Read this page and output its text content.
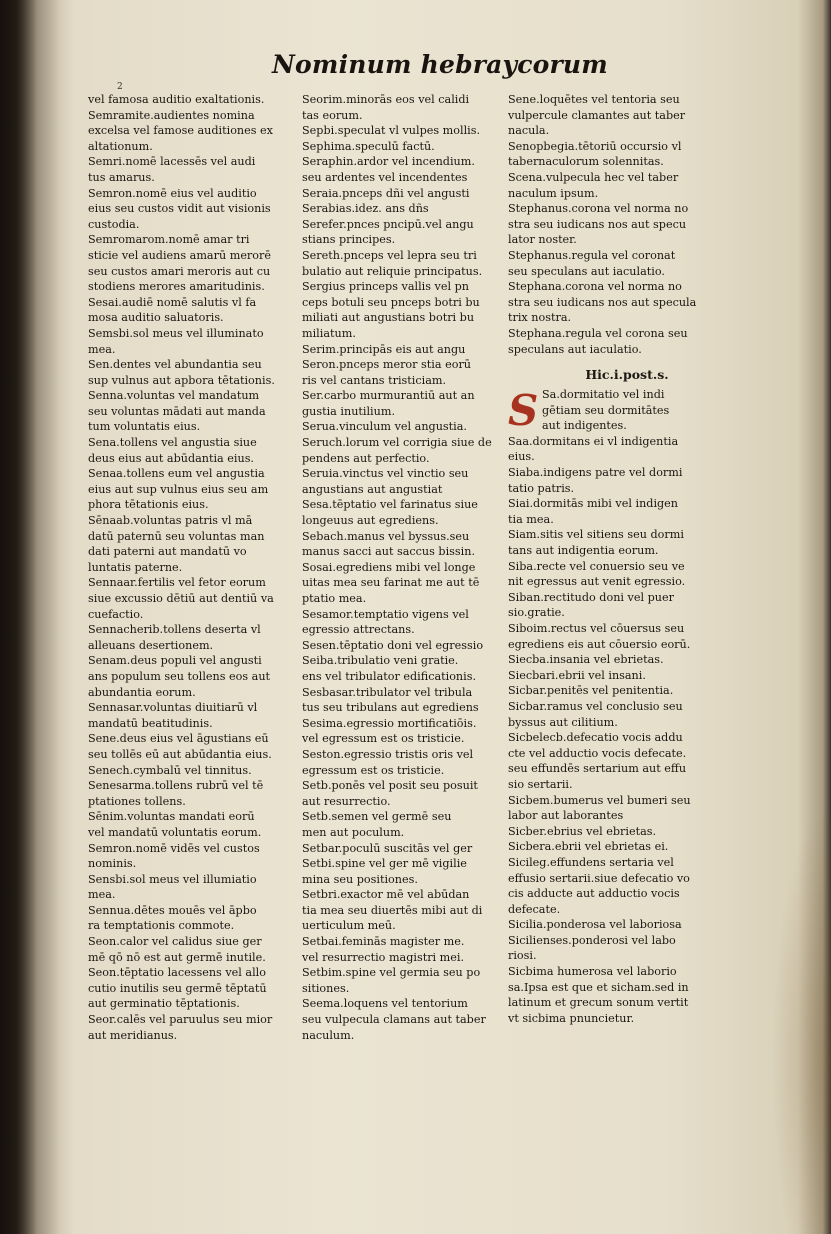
Nominum hebraycorum
2
vel famosa auditio exaltationis.
Semramite.audientes nomina
excelsa vel famose auditiones ex
altationum.
Semri.nomē lacessēs vel audi
tus amarus.
Semron.nomē eius vel auditio
eius seu custos vidit aut visionis
custodia.
Semromarom.nomē amar tri
sticie vel audiens amarū merorē
seu custos amari meroris aut cu
stodiens merores amaritudinis.
Sesai.audiē nomē salutis vl fa
mosa auditio saluatoris.
Semsbi.sol meus vel illuminato
mea.
Sen.dentes vel abundantia seu
sup vulnus aut apbora tētationis.
Senna.voluntas vel mandatum
seu voluntas mādati aut manda
tum voluntatis eius.
Sena.tollens vel angustia siue
deus eius aut abūdantia eius.
Senaa.tollens eum vel angustia
eius aut sup vulnus eius seu am
phora tētationis eius.
Sēnaab.voluntas patris vl mā
datū paternū seu voluntas man
dati paterni aut mandatū vo
luntatis paterne.
Sennaar.fertilis vel fetor eorum
siue excussio dētiū aut dentiū va
cuefactio.
Sennacherib.tollens deserta vl
alleuans desertionem.
Senam.deus populi vel angusti
ans populum seu tollens eos aut
abundantia eorum.
Sennasar.voluntas diuitiarū vl
mandatū beatitudinis.
Sene.deus eius vel āgustians eū
seu tollēs eū aut abūdantia eius.
Senech.cymbalū vel tinnitus.
Senesarma.tollens rubrū vel tē
ptationes tollens.
Sēnim.voluntas mandati eorū
vel mandatū voluntatis eorum.
Semron.nomē vidēs vel custos
nominis.
Sensbi.sol meus vel illumiatio
mea.
Sennua.dētes mouēs vel āpbo
ra temptationis commote.
Seon.calor vel calidus siue ger
mē qō nō est aut germē inutile.
Seon.tēptatio lacessens vel allo
cutio inutilis seu germē tēptatū
aut germinatio tēptationis.
Seor.calēs vel paruulus seu mior
aut meridianus.
Seorim.minorās eos vel calidi
tas eorum.
Sepbi.speculat vl vulpes mollis.
Sephima.speculū factū.
Seraphin.ardor vel incendium.
seu ardentes vel incendentes
Seraia.pnceps dñi vel angusti
Serabias.idez. ans dñs
Serefer.pnces pncipū.vel angu
stians principes.
Sereth.pnceps vel lepra seu tri
bulatio aut reliquie principatus.
Sergius princeps vallis vel pn
ceps botuli seu pnceps botri bu
miliati aut angustians botri bu
miliatum.
Serim.principās eis aut angu
Seron.pnceps meror stia eorū
ris vel cantans tristiciam.
Ser.carbo murmurantiū aut an
gustia inutilium.
Serua.vinculum vel angustia.
Seruch.lorum vel corrigia siue de
pendens aut perfectio.
Seruia.vinctus vel vinctio seu
angustians aut angustiat
Sesa.tēptatio vel farinatus siue
longeuus aut egrediens.
Sebach.manus vel byssus.seu
manus sacci aut saccus bissin.
Sosai.egrediens mibi vel longe
uitas mea seu farinat me aut tē
ptatio mea.
Sesamor.temptatio vigens vel
egressio attrectans.
Sesen.tēptatio doni vel egressio
Seiba.tribulatio veni gratie.
ens vel tribulator edificationis.
Sesbasar.tribulator vel tribula
tus seu tribulans aut egrediens
Sesima.egressio mortificatiōis.
vel egressum est os tristicie.
Seston.egressio tristis oris vel
egressum est os tristicie.
Setb.ponēs vel posit seu posuit
aut resurrectio.
Setb.semen vel germē seu
men aut poculum.
Setbar.poculū suscitās vel ger
Setbi.spine vel ger mē vigilie
mina seu positiones.
Setbri.exactor mē vel abūdan
tia mea seu diuertēs mibi aut di
uerticulum meū.
Setbai.feminās magister me.
vel resurrectio magistri mei.
Setbim.spine vel germia seu po
sitiones.
Seema.loquens vel tentorium
seu vulpecula clamans aut taber
naculum.
Sene.loquētes vel tentoria seu
vulpercule clamantes aut taber
nacula.
Senopbegia.tētoriū occursio vl
tabernaculorum solennitas.
Scena.vulpecula hec vel taber
naculum ipsum.
Stephanus.corona vel norma no
stra seu iudicans nos aut specu
lator noster.
Stephanus.regula vel coronat
seu speculans aut iaculatio.
Stephana.corona vel norma no
stra seu iudicans nos aut specula
trix nostra.
Stephana.regula vel corona seu
speculans aut iaculatio.
Hic.i.post.s.
S Sa.dormitatio vel indi
gētiam seu dormitātes
aut indigentes.
Saa.dormitans ei vl indigentia
eius.
Siaba.indigens patre vel dormi
tatio patris.
Siai.dormitās mibi vel indigen
tia mea.
Siam.sitis vel sitiens seu dormi
tans aut indigentia eorum.
Siba.recte vel conuersio seu ve
nit egressus aut venit egressio.
Siban.rectitudo doni vel puer
sio.gratie.
Siboim.rectus vel cōuersus seu
egrediens eis aut cōuersio eorū.
Siecba.insania vel ebrietas.
Siecbari.ebrii vel insani.
Sicbar.penitēs vel penitentia.
Sicbar.ramus vel conclusio seu
byssus aut cilitium.
Sicbelecb.defecatio vocis addu
cte vel adductio vocis defecate.
seu effundēs sertarium aut effu
sio sertarii.
Sicbem.bumerus vel bumeri seu
labor aut laborantes
Sicber.ebrius vel ebrietas.
Sicbera.ebrii vel ebrietas ei.
Sicileg.effundens sertaria vel
effusio sertarii.siue defecatio vo
cis adducte aut adductio vocis
defecate.
Sicilia.ponderosa vel laboriosa
Sicilienses.ponderosi vel labo
riosi.
Sicbima humerosa vel laborio
sa.Ipsa est que et sicham.sed in
latinum et grecum sonum vertit
vt sicbima pnuncietur.
